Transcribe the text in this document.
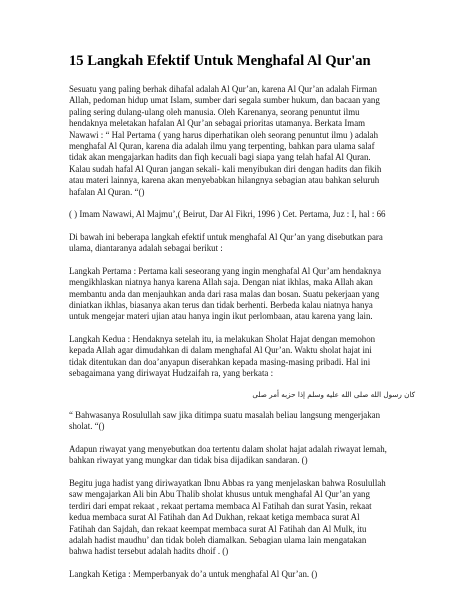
15 Langkah Efektif Untuk Menghafal Al Qur'an

Sesuatu yang paling berhak dihafal adalah Al Qur’an, karena Al Qur’an adalah Firman
Allah, pedoman hidup umat Islam, sumber dari segala sumber hukum, dan bacaan yang
paling sering dulang-ulang oleh manusia. Oleh Karenanya, seorang penuntut ilmu
hendaknya meletakan hafalan Al Qur’an sebagai prioritas utamanya. Berkata Imam
Nawawi : “ Hal Pertama ( yang harus diperhatikan oleh seorang penuntut ilmu ) adalah
menghafal Al Quran, karena dia adalah ilmu yang terpenting, bahkan para ulama salaf
tidak akan mengajarkan hadits dan fiqh kecuali bagi siapa yang telah hafal Al Quran.
Kalau sudah hafal Al Quran jangan sekali- kali menyibukan diri dengan hadits dan fikih
atau materi lainnya, karena akan menyebabkan hilangnya sebagian atau bahkan seluruh
hafalan Al Quran. “()

( ) Imam Nawawi, Al Majmu’,( Beirut, Dar Al Fikri, 1996 ) Cet. Pertama, Juz : I, hal : 66

Di bawah ini beberapa langkah efektif untuk menghafal Al Qur’an yang disebutkan para
ulama, diantaranya adalah sebagai berikut :

Langkah Pertama : Pertama kali seseorang yang ingin menghafal Al Qur’am hendaknya
mengikhlaskan niatnya hanya karena Allah saja. Dengan niat ikhlas, maka Allah akan
membantu anda dan menjauhkan anda dari rasa malas dan bosan. Suatu pekerjaan yang
diniatkan ikhlas, biasanya akan terus dan tidak berhenti. Berbeda kalau niatnya hanya
untuk mengejar materi ujian atau hanya ingin ikut perlombaan, atau karena yang lain.

Langkah Kedua : Hendaknya setelah itu, ia melakukan Sholat Hajat dengan memohon
kepada Allah agar dimudahkan di dalam menghafal Al Qur’an. Waktu sholat hajat ini
tidak ditentukan dan doa’anyapun diserahkan kepada masing-masing pribadi. Hal ini
sebagaimana yang diriwayat Hudzaifah ra, yang berkata :

كان رسول الله صلى الله عليه وسلم إذا حزبه أمر صلى

“ Bahwasanya Rosulullah saw jika ditimpa suatu masalah beliau langsung mengerjakan
sholat. “()

Adapun riwayat yang menyebutkan doa tertentu dalam sholat hajat adalah riwayat lemah,
bahkan riwayat yang mungkar dan tidak bisa dijadikan sandaran. ()

Begitu juga hadist yang diriwayatkan Ibnu Abbas ra yang menjelaskan bahwa Rosulullah
saw mengajarkan Ali bin Abu Thalib sholat khusus untuk menghafal Al Qur’an yang
terdiri dari empat rekaat , rekaat pertama membaca Al Fatihah dan surat Yasin, rekaat
kedua membaca surat Al Fatihah dan Ad Dukhan, rekaat ketiga membaca surat Al
Fatihah dan Sajdah, dan rekaat keempat membaca surat Al Fatihah dan Al Mulk, itu
adalah hadist maudhu’ dan tidak boleh diamalkan. Sebagian ulama lain mengatakan
bahwa hadist tersebut adalah hadits dhoif . ()

Langkah Ketiga : Memperbanyak do’a untuk menghafal Al Qur’an. ()
